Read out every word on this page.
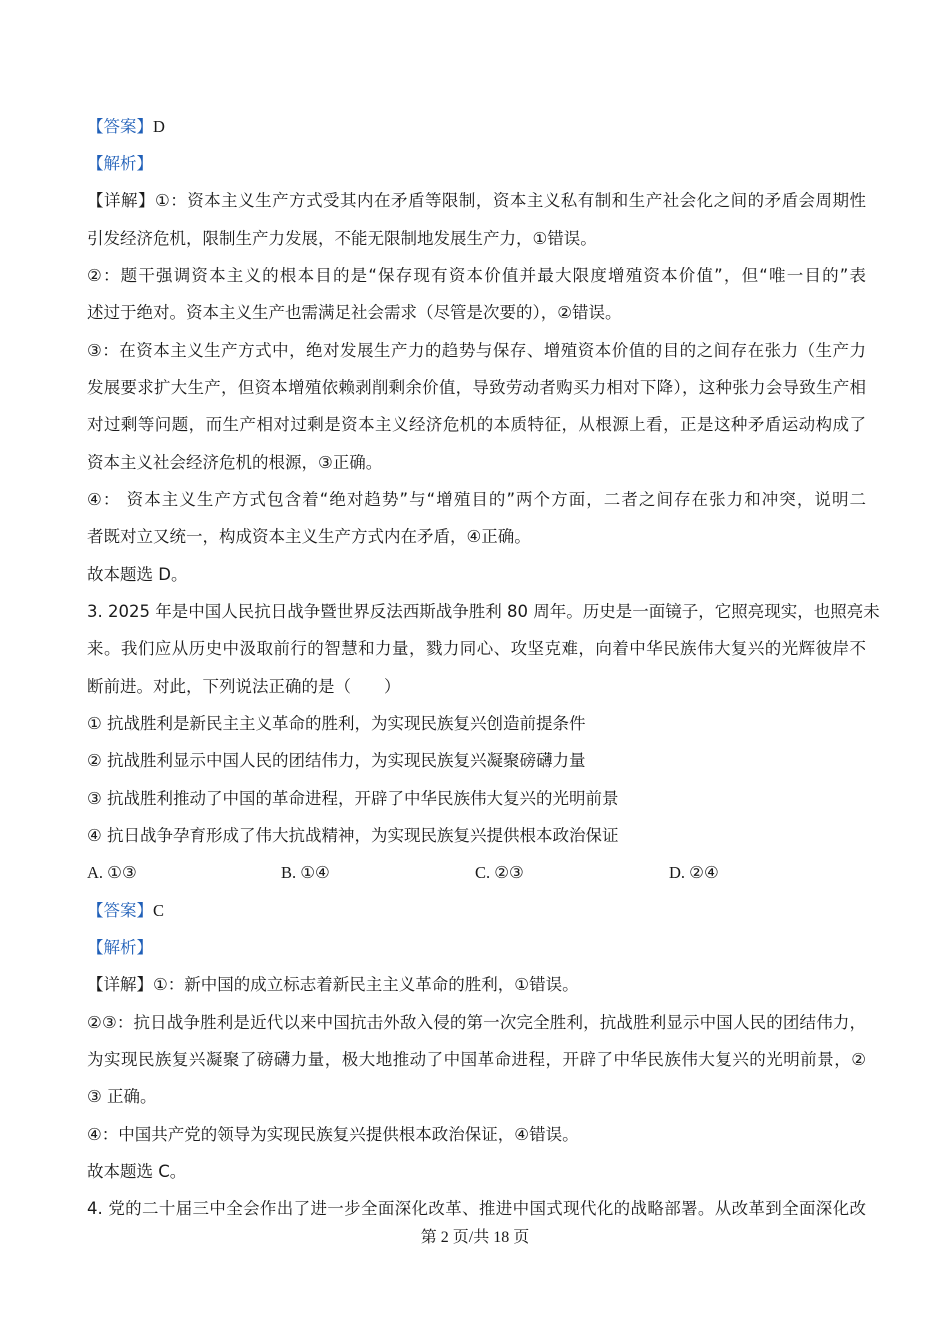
【答案】D
【解析】
【详解】①：资本主义生产方式受其内在矛盾等限制，资本主义私有制和生产社会化之间的矛盾会周期性
引发经济危机，限制生产力发展，不能无限制地发展生产力，①错误。
②：题干强调资本主义的根本目的是“保存现有资本价值并最大限度增殖资本价值”，但“唯一目的”表
述过于绝对。资本主义生产也需满足社会需求（尽管是次要的），②错误。
③：在资本主义生产方式中，绝对发展生产力的趋势与保存、增殖资本价值的目的之间存在张力（生产力
发展要求扩大生产，但资本增殖依赖剥削剩余价值，导致劳动者购买力相对下降），这种张力会导致生产相
对过剩等问题，而生产相对过剩是资本主义经济危机的本质特征，从根源上看，正是这种矛盾运动构成了
资本主义社会经济危机的根源，③正确。
④： 资本主义生产方式包含着“绝对趋势”与“增殖目的”两个方面，二者之间存在张力和冲突，说明二
者既对立又统一，构成资本主义生产方式内在矛盾，④正确。
故本题选 D。
3. 2025 年是中国人民抗日战争暨世界反法西斯战争胜利 80 周年。历史是一面镜子，它照亮现实，也照亮未
来。我们应从历史中汲取前行的智慧和力量，戮力同心、攻坚克难，向着中华民族伟大复兴的光辉彼岸不
断前进。对此，下列说法正确的是（　　）
① 抗战胜利是新民主主义革命的胜利，为实现民族复兴创造前提条件
② 抗战胜利显示中国人民的团结伟力，为实现民族复兴凝聚磅礴力量
③ 抗战胜利推动了中国的革命进程，开辟了中华民族伟大复兴的光明前景
④ 抗日战争孕育形成了伟大抗战精神，为实现民族复兴提供根本政治保证
A. ①③	B. ①④	C. ②③	D. ②④
【答案】C
【解析】
【详解】①：新中国的成立标志着新民主主义革命的胜利，①错误。
②③：抗日战争胜利是近代以来中国抗击外敌入侵的第一次完全胜利，抗战胜利显示中国人民的团结伟力，
为实现民族复兴凝聚了磅礴力量，极大地推动了中国革命进程，开辟了中华民族伟大复兴的光明前景，②
③ 正确。
④：中国共产党的领导为实现民族复兴提供根本政治保证，④错误。
故本题选 C。
4. 党的二十届三中全会作出了进一步全面深化改革、推进中国式现代化的战略部署。从改革到全面深化改
第 2 页/共 18 页
